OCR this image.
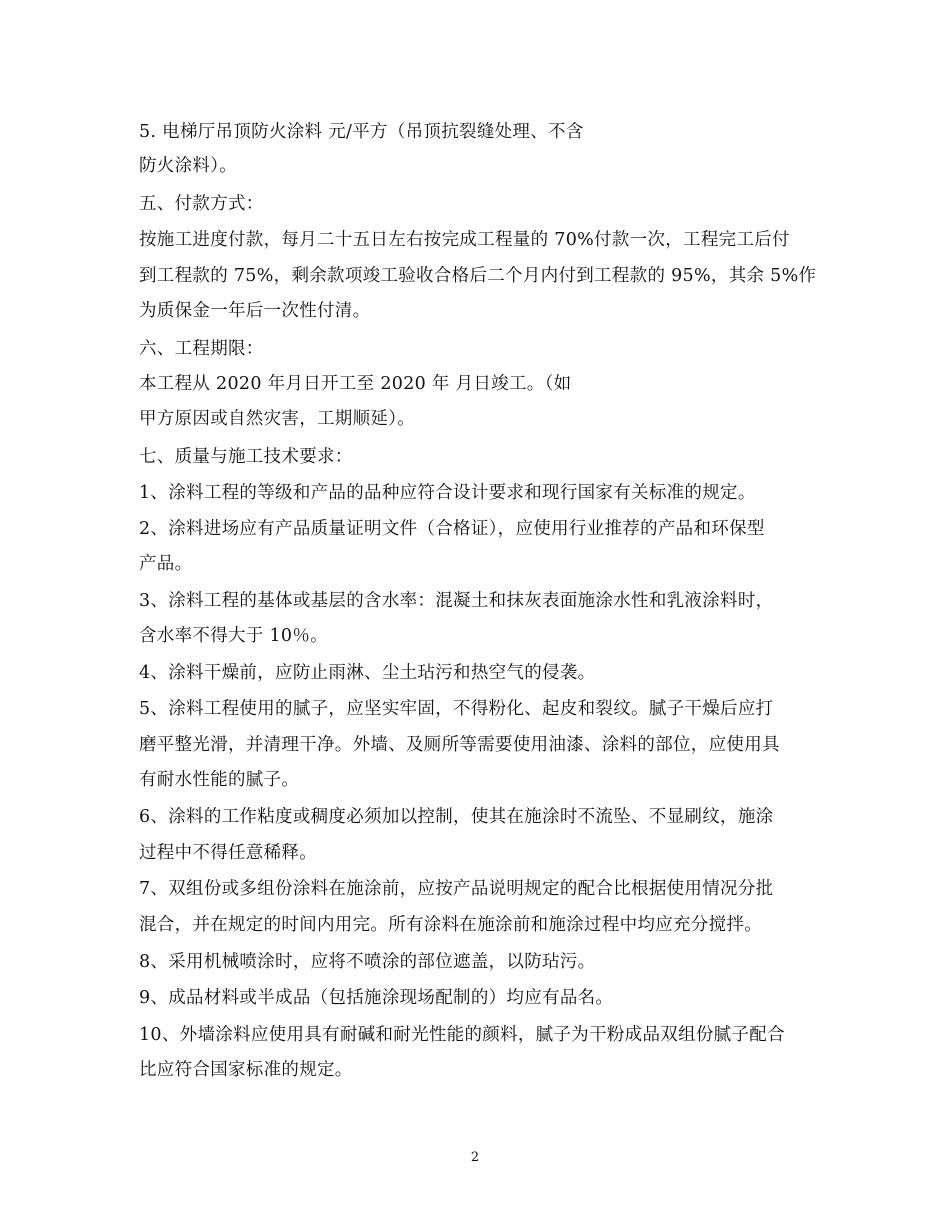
5. 电梯厅吊顶防火涂料 元/平方（吊顶抗裂缝处理、不含
防火涂料）。
五、付款方式：
按施工进度付款，每月二十五日左右按完成工程量的 70%付款一次，工程完工后付
到工程款的 75%，剩余款项竣工验收合格后二个月内付到工程款的 95%，其余 5%作
为质保金一年后一次性付清。
六、工程期限：
本工程从 2020 年月日开工至 2020 年 月日竣工。（如
甲方原因或自然灾害，工期顺延）。
七、质量与施工技术要求：
1、涂料工程的等级和产品的品种应符合设计要求和现行国家有关标准的规定。
2、涂料进场应有产品质量证明文件（合格证），应使用行业推荐的产品和环保型
产品。
3、涂料工程的基体或基层的含水率：混凝土和抹灰表面施涂水性和乳液涂料时，
含水率不得大于 10％。
4、涂料干燥前，应防止雨淋、尘土玷污和热空气的侵袭。
5、涂料工程使用的腻子，应坚实牢固，不得粉化、起皮和裂纹。腻子干燥后应打
磨平整光滑，并清理干净。外墙、及厕所等需要使用油漆、涂料的部位，应使用具
有耐水性能的腻子。
6、涂料的工作粘度或稠度必须加以控制，使其在施涂时不流坠、不显刷纹，施涂
过程中不得任意稀释。
7、双组份或多组份涂料在施涂前，应按产品说明规定的配合比根据使用情况分批
混合，并在规定的时间内用完。所有涂料在施涂前和施涂过程中均应充分搅拌。
8、采用机械喷涂时，应将不喷涂的部位遮盖，以防玷污。
9、成品材料或半成品（包括施涂现场配制的）均应有品名。
10、外墙涂料应使用具有耐碱和耐光性能的颜料，腻子为干粉成品双组份腻子配合
比应符合国家标准的规定。
2
